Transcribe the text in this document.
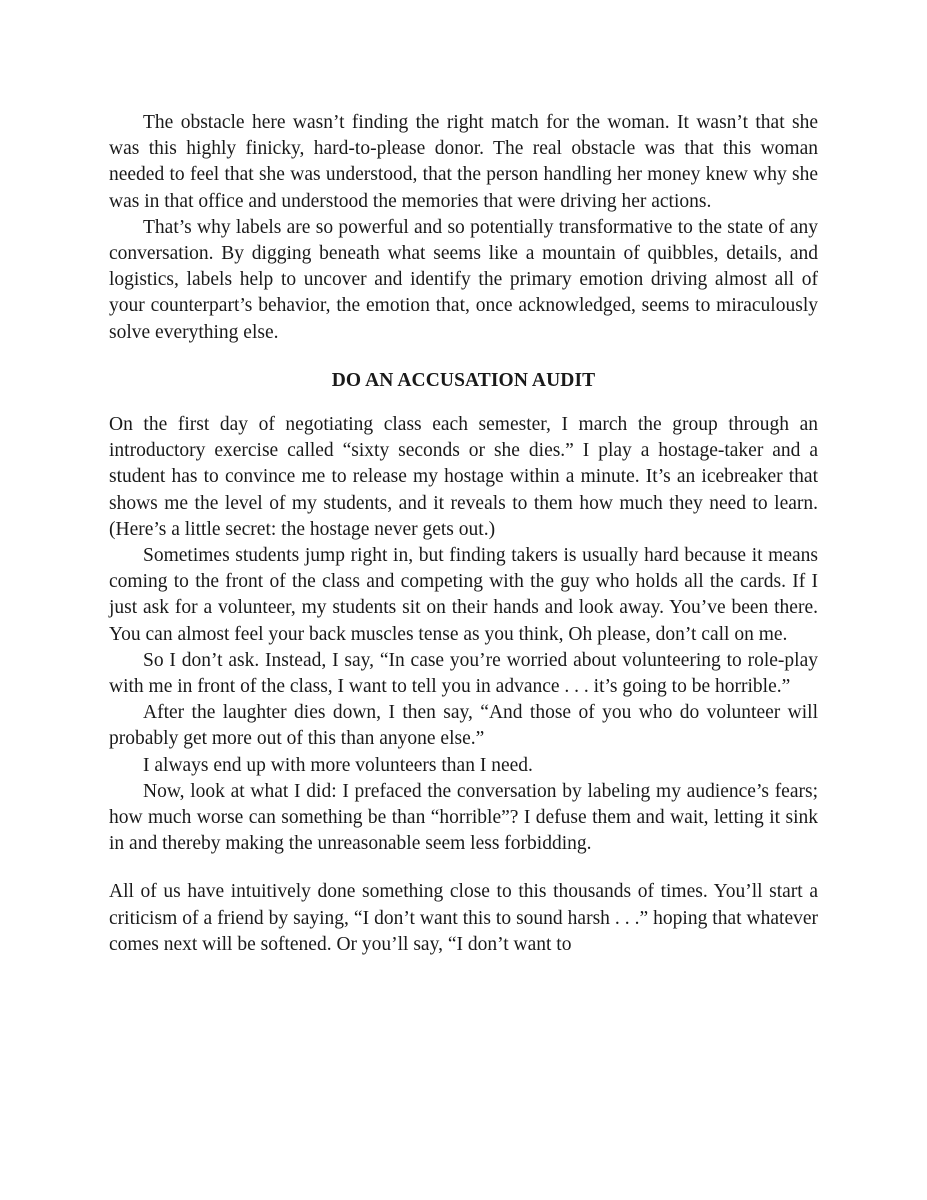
The obstacle here wasn’t finding the right match for the woman. It wasn’t that she was this highly finicky, hard-to-please donor. The real obstacle was that this woman needed to feel that she was understood, that the person handling her money knew why she was in that office and understood the memories that were driving her actions.

That’s why labels are so powerful and so potentially transformative to the state of any conversation. By digging beneath what seems like a mountain of quibbles, details, and logistics, labels help to uncover and identify the primary emotion driving almost all of your counterpart’s behavior, the emotion that, once acknowledged, seems to miraculously solve everything else.

DO AN ACCUSATION AUDIT

On the first day of negotiating class each semester, I march the group through an introductory exercise called “sixty seconds or she dies.” I play a hostage-taker and a student has to convince me to release my hostage within a minute. It’s an icebreaker that shows me the level of my students, and it reveals to them how much they need to learn. (Here’s a little secret: the hostage never gets out.)

Sometimes students jump right in, but finding takers is usually hard because it means coming to the front of the class and competing with the guy who holds all the cards. If I just ask for a volunteer, my students sit on their hands and look away. You’ve been there. You can almost feel your back muscles tense as you think, Oh please, don’t call on me.

So I don’t ask. Instead, I say, “In case you’re worried about volunteering to role-play with me in front of the class, I want to tell you in advance . . . it’s going to be horrible.”

After the laughter dies down, I then say, “And those of you who do volunteer will probably get more out of this than anyone else.”

I always end up with more volunteers than I need.

Now, look at what I did: I prefaced the conversation by labeling my audience’s fears; how much worse can something be than “horrible”? I defuse them and wait, letting it sink in and thereby making the unreasonable seem less forbidding.

All of us have intuitively done something close to this thousands of times. You’ll start a criticism of a friend by saying, “I don’t want this to sound harsh . . .” hoping that whatever comes next will be softened. Or you’ll say, “I don’t want to
